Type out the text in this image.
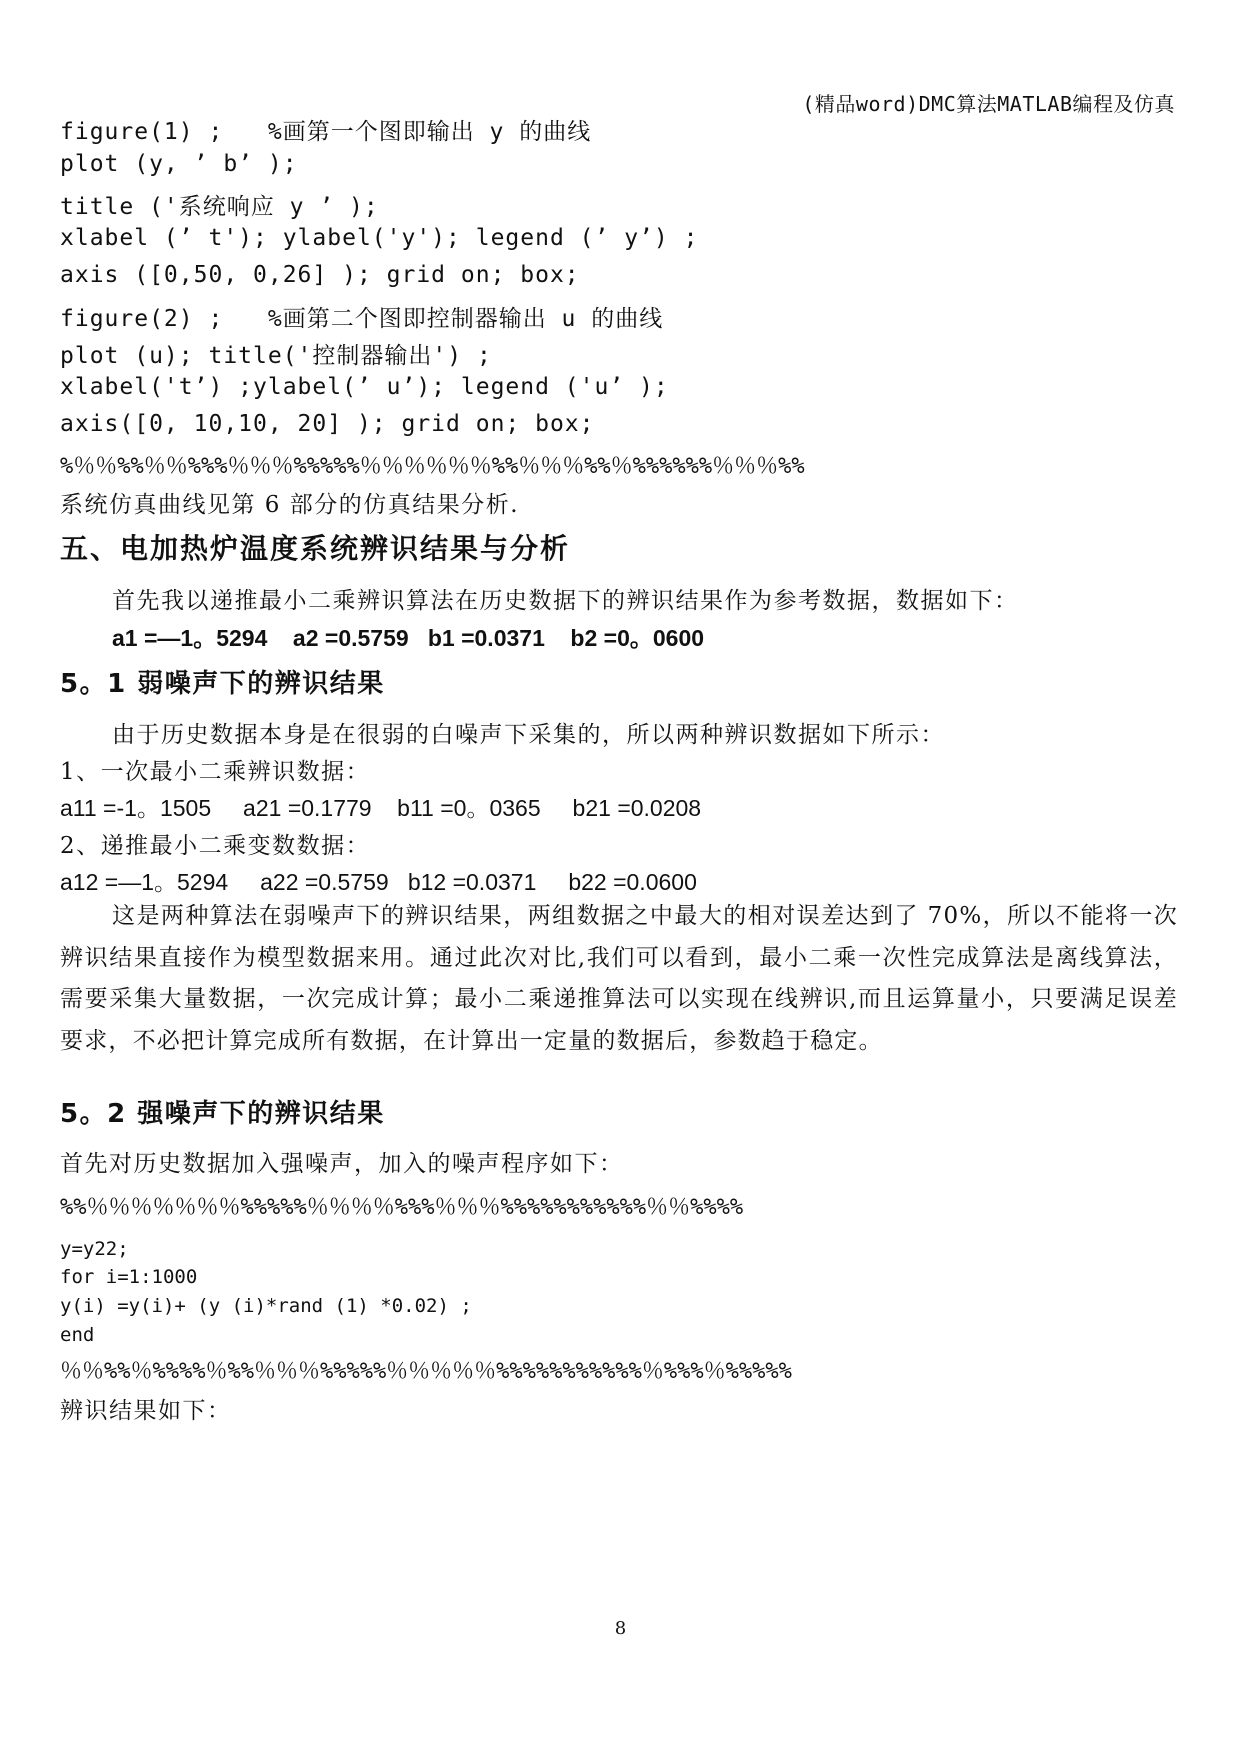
(精品word)DMC算法MATLAB编程及仿真
figure(1) ;   %画第一个图即输出 y 的曲线
plot (y, ’ b’ );
title ('系统响应 y ’ );
xlabel (’ t'); ylabel('y'); legend (’ y’) ;
axis ([0,50, 0,26] ); grid on; box;
figure(2) ;   %画第二个图即控制器输出 u 的曲线
plot (u); title('控制器输出') ;
xlabel('t’) ;ylabel(’ u’); legend ('u’ );
axis([0, 10,10, 20] ); grid on; box;
%％％%%％％%%%％％％%%%%%％％％％％％%%％％％%%％%%%%%%％％％%%
系统仿真曲线见第 6 部分的仿真结果分析.
五、电加热炉温度系统辨识结果与分析
首先我以递推最小二乘辨识算法在历史数据下的辨识结果作为参考数据，数据如下：
a1 =—1。5294    a2 =0.5759   b1 =0.0371    b2 =0。0600
5。1 弱噪声下的辨识结果
由于历史数据本身是在很弱的白噪声下采集的，所以两种辨识数据如下所示：
1、一次最小二乘辨识数据：
a11 =-1。1505     a21 =0.1779    b11 =0。0365     b21 =0.0208
2、递推最小二乘变数数据：
a12 =—1。5294     a22 =0.5759   b12 =0.0371     b22 =0.0600
这是两种算法在弱噪声下的辨识结果，两组数据之中最大的相对误差达到了 70%，所以不能将一次辨识结果直接作为模型数据来用。通过此次对比,我们可以看到，最小二乘一次性完成算法是离线算法，需要采集大量数据，一次完成计算；最小二乘递推算法可以实现在线辨识,而且运算量小，只要满足误差要求，不必把计算完成所有数据，在计算出一定量的数据后，参数趋于稳定。
5。2 强噪声下的辨识结果
首先对历史数据加入强噪声，加入的噪声程序如下：
%%％％％％％％％%%%%%％％％％%%%％％％%%%%%%%%%%%％％%%%%
y=y22;
for i=1:1000
y(i) =y(i)+ (y (i)*rand (1) *0.02) ;
end
％％%%％%%%%％%%％％％%%%%%％％％％％%%%%%%%%%%%％%%%％%%%%%
辨识结果如下：
8
